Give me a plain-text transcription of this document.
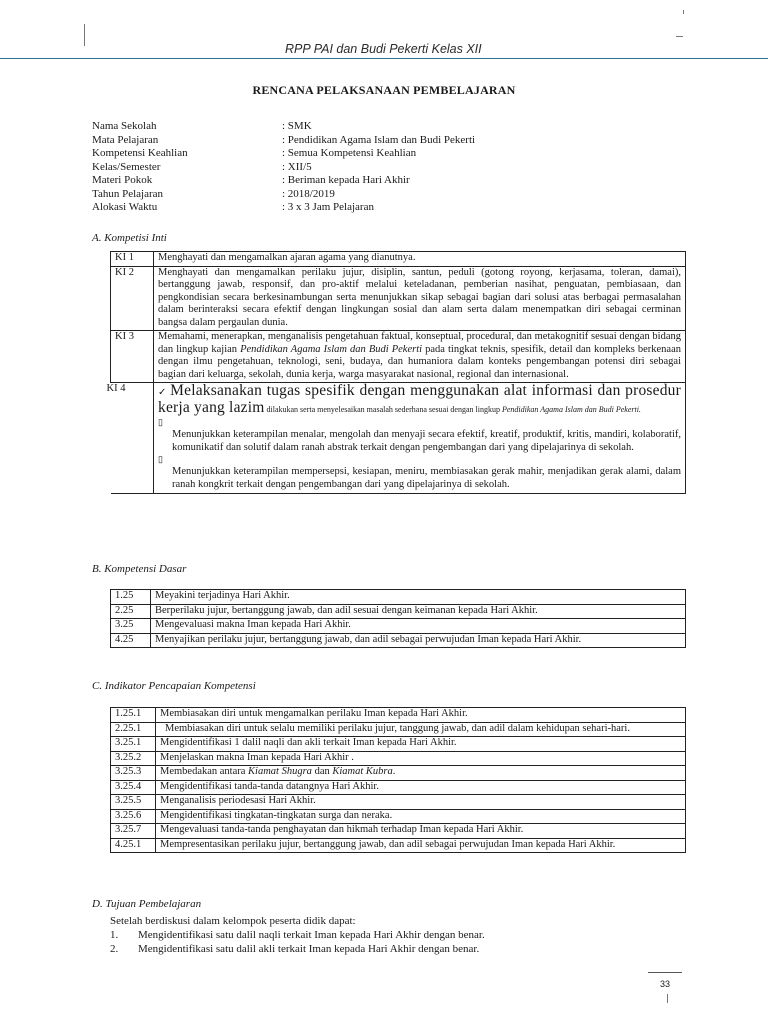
RPP PAI dan Budi Pekerti Kelas XII
RENCANA PELAKSANAAN PEMBELAJARAN
Nama Sekolah	: SMK
Mata Pelajaran	: Pendidikan Agama Islam dan Budi Pekerti
Kompetensi Keahlian	: Semua Kompetensi Keahlian
Kelas/Semester	: XII/5
Materi Pokok	: Beriman kepada Hari Akhir
Tahun Pelajaran	: 2018/2019
Alokasi Waktu	: 3 x 3 Jam Pelajaran
A. Kompetisi Inti
KI 1	Menghayati dan mengamalkan ajaran agama yang dianutnya.
KI 2	Menghayati dan mengamalkan perilaku jujur, disiplin, santun, peduli (gotong royong, kerjasama, toleran, damai), bertanggung jawab, responsif, dan pro-aktif melalui keteladanan, pemberian nasihat, penguatan, pembiasaan, dan pengkondisian secara berkesinambungan serta menunjukkan sikap sebagai bagian dari solusi atas berbagai permasalahan dalam berinteraksi secara efektif dengan lingkungan sosial dan alam serta dalam menempatkan diri sebagai cerminan bangsa dalam pergaulan dunia.
KI 3	Memahami, menerapkan, menganalisis pengetahuan faktual, konseptual, procedural, dan metakognitif sesuai dengan bidang dan lingkup kajian Pendidikan Agama Islam dan Budi Pekerti pada tingkat teknis, spesifik, detail dan kompleks berkenaan dengan ilmu pengetahuan, teknologi, seni, budaya, dan humaniora dalam konteks pengembangan potensi diri sebagai bagian dari keluarga, sekolah, dunia kerja, warga masyarakat nasional, regional dan internasional.
KI 4	✓ Melaksanakan tugas spesifik dengan menggunakan alat informasi dan prosedur kerja yang lazim dilakukan serta menyelesaikan masalah sederhana sesuai dengan lingkup Pendidikan Agama Islam dan Budi Pekerti.
▯
Menunjukkan keterampilan menalar, mengolah dan menyaji secara efektif, kreatif, produktif, kritis, mandiri, kolaboratif, komunikatif dan solutif dalam ranah abstrak terkait dengan pengembangan dari yang dipelajarinya di sekolah.
▯
Menunjukkan keterampilan mempersepsi, kesiapan, meniru, membiasakan gerak mahir, menjadikan gerak alami, dalam ranah kongkrit terkait dengan pengembangan dari yang dipelajarinya di sekolah.
B. Kompetensi Dasar
1.25	Meyakini terjadinya Hari Akhir.
2.25	Berperilaku jujur, bertanggung jawab, dan adil sesuai dengan keimanan kepada Hari Akhir.
3.25	Mengevaluasi makna Iman kepada Hari Akhir.
4.25	Menyajikan perilaku jujur, bertanggung jawab, dan adil sebagai perwujudan Iman kepada Hari Akhir.
C. Indikator Pencapaian Kompetensi
1.25.1	Membiasakan diri untuk mengamalkan perilaku Iman kepada Hari Akhir.
2.25.1	Membiasakan diri untuk selalu memiliki perilaku jujur, tanggung jawab, dan adil dalam kehidupan sehari-hari.
3.25.1	Mengidentifikasi 1 dalil naqli dan akli terkait Iman kepada Hari Akhir.
3.25.2	Menjelaskan makna Iman kepada Hari Akhir .
3.25.3	Membedakan antara Kiamat Shugra dan Kiamat Kubra.
3.25.4	Mengidentifikasi tanda-tanda datangnya Hari Akhir.
3.25.5	Menganalisis periodesasi Hari Akhir.
3.25.6	Mengidentifikasi tingkatan-tingkatan surga dan neraka.
3.25.7	Mengevaluasi tanda-tanda penghayatan dan hikmah terhadap Iman kepada Hari Akhir.
4.25.1	Mempresentasikan perilaku jujur, bertanggung jawab, dan adil sebagai perwujudan Iman kepada Hari Akhir.
D. Tujuan Pembelajaran
Setelah berdiskusi dalam kelompok peserta didik dapat:
1.	Mengidentifikasi satu dalil naqli terkait Iman kepada Hari Akhir dengan benar.
2.	Mengidentifikasi satu dalil akli terkait Iman kepada Hari Akhir dengan benar.
33
